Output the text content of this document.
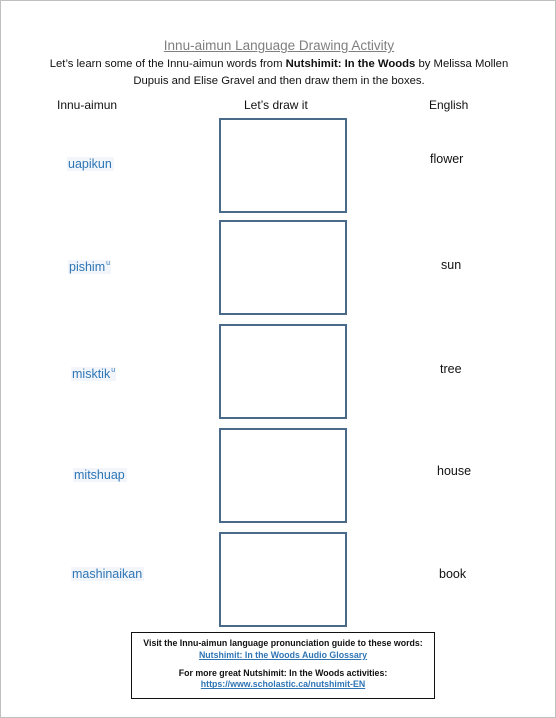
Innu-aimun Language Drawing Activity
Let’s learn some of the Innu-aimun words from Nutshimit: In the Woods by Melissa Mollen Dupuis and Elise Gravel and then draw them in the boxes.
Innu-aimun	Let’s draw it	English
uapikun	flower
pishim$^u$	sun
misktik$^u$	tree
mitshuap	house
mashinaikan	book
Visit the Innu-aimun language pronunciation guide to these words:
Nutshimit: In the Woods Audio Glossary
For more great Nutshimit: In the Woods activities:
https://www.scholastic.ca/nutshimit-EN
